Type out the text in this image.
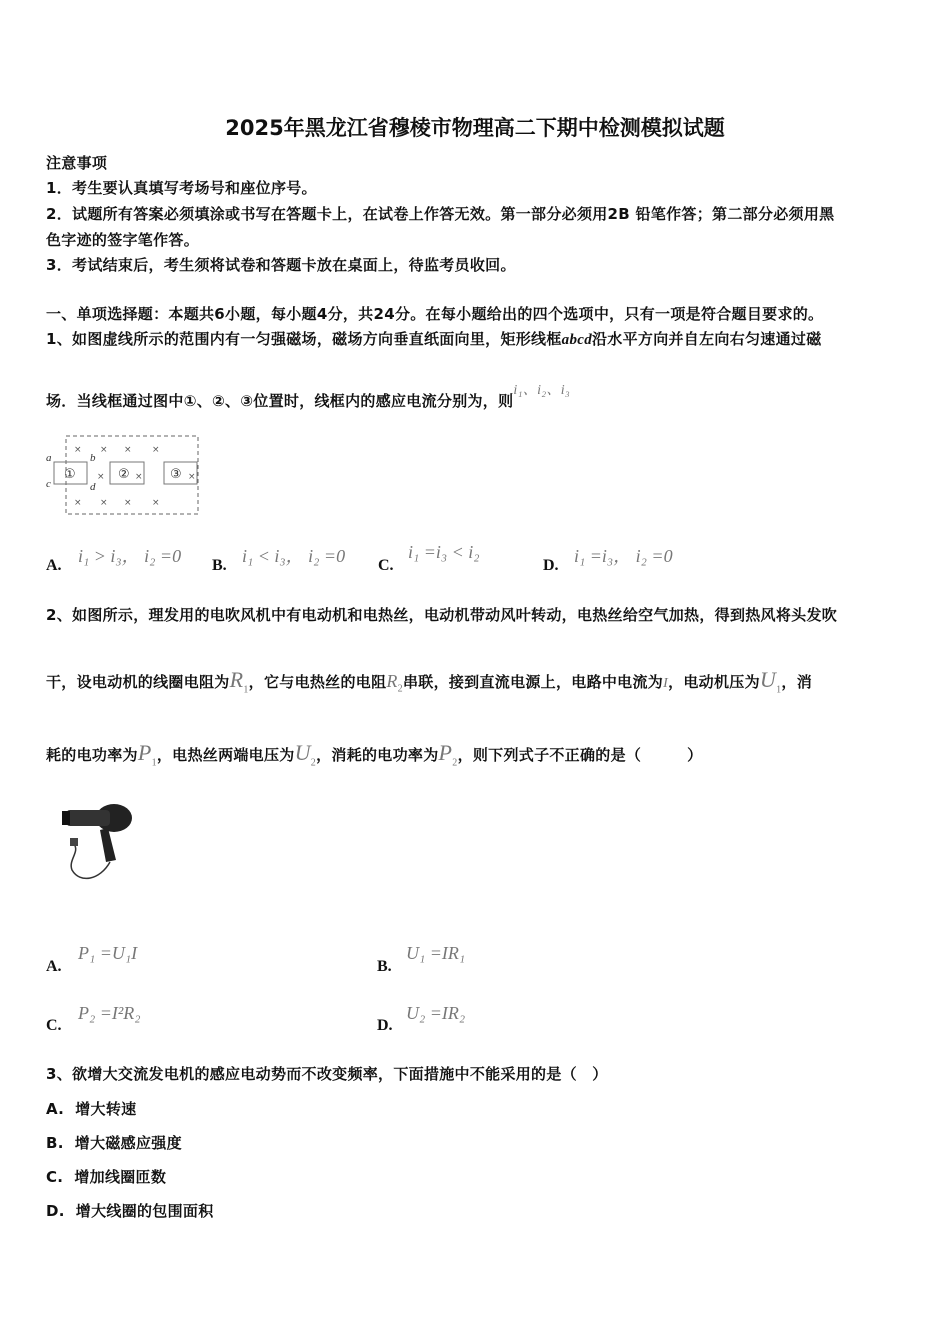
2025年黑龙江省穆棱市物理高二下期中检测模拟试题
注意事项
1．考生要认真填写考场号和座位序号。
2．试题所有答案必须填涂或书写在答题卡上，在试卷上作答无效。第一部分必须用2B 铅笔作答；第二部分必须用黑
色字迹的签字笔作答。
3．考试结束后，考生须将试卷和答题卡放在桌面上，待监考员收回。
一、单项选择题：本题共6小题，每小题4分，共24分。在每小题给出的四个选项中，只有一项是符合题目要求的。
1、如图虚线所示的范围内有一匀强磁场，磁场方向垂直纸面向里，矩形线框abcd沿水平方向并自左向右匀速通过磁
场．当线框通过图中①、②、③位置时，线框内的感应电流分别为，则i₁、i₂、i₃
× × × ×
× × × ×
×	×	×
a	b
c	d
①	②	③
A. i₁ > i₃， i₂ =0 B. i₁ < i₃， i₂ =0 C.
i₁ =i₃ < i₂
D. i₁ =i₃， i₂ =0
2、如图所示，理发用的电吹风机中有电动机和电热丝，电动机带动风叶转动，电热丝给空气加热，得到热风将头发吹
干，设电动机的线圈电阻为$R_1$，它与电热丝的电阻$R_2$串联，接到直流电源上，电路中电流为I，电动机压为$U_1$，消
耗的电功率为$P_1$，电热丝两端电压为$U_2$，消耗的电功率为$P_2$，则下列式子不正确的是（　　　）
A.
P₁ =U₁I
B.
U₁ =IR₁
C.
P₂ =I²R₂
D.
U₂ =IR₂
3、欲增大交流发电机的感应电动势而不改变频率，下面措施中不能采用的是（　）
A. 增大转速
B. 增大磁感应强度
C. 增加线圈匝数
D. 增大线圈的包围面积
